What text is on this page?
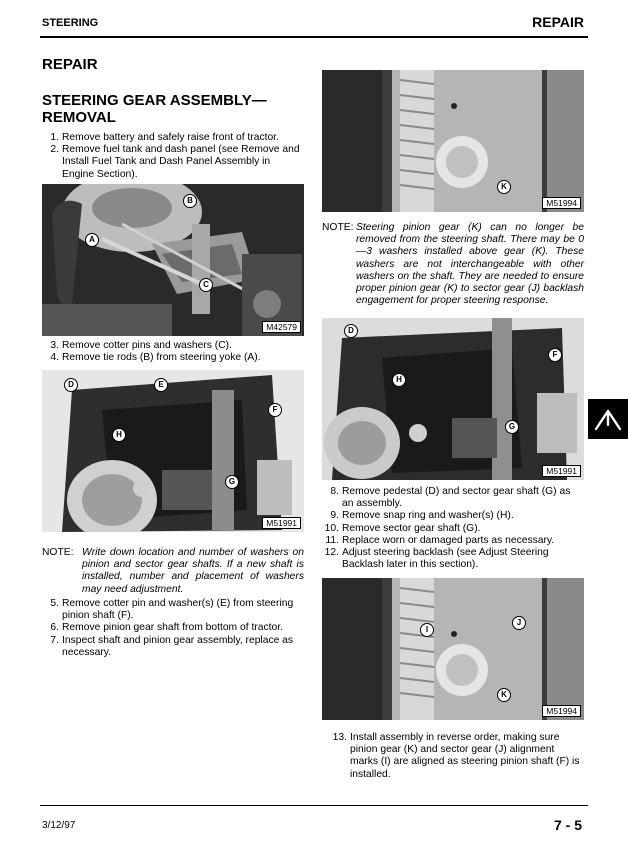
STEERING	REPAIR
REPAIR
STEERING GEAR ASSEMBLY—REMOVAL
1. Remove battery and safely raise front of tractor.
2. Remove fuel tank and dash panel (see Remove and Install Fuel Tank and Dash Panel Assembly in Engine Section).
B
A
C
M42579
3. Remove cotter pins and washers (C).
4. Remove tie rods (B) from steering yoke (A).
D	E
F
H
G
M51991
NOTE: Write down location and number of washers on pinion and sector gear shafts. If a new shaft is installed, number and placement of washers may need adjustment.
5. Remove cotter pin and washer(s) (E) from steering pinion shaft (F).
6. Remove pinion gear shaft from bottom of tractor.
7. Inspect shaft and pinion gear assembly, replace as necessary.
K
M51994
NOTE: Steering pinion gear (K) can no longer be removed from the steering shaft. There may be 0—3 washers installed above gear (K). These washers are not interchangeable with other washers on the shaft. They are needed to ensure proper pinion gear (K) to sector gear (J) backlash engagement for proper steering response.
D
F
H
G
M51991
8. Remove pedestal (D) and sector gear shaft (G) as an assembly.
9. Remove snap ring and washer(s) (H).
10. Remove sector gear shaft (G).
11. Replace worn or damaged parts as necessary.
12. Adjust steering backlash (see Adjust Steering Backlash later in this section).
I
J
K
M51994
13. Install assembly in reverse order, making sure pinion gear (K) and sector gear (J) alignment marks (I) are aligned as steering pinion shaft (F) is installed.
3/12/97	7 - 5
